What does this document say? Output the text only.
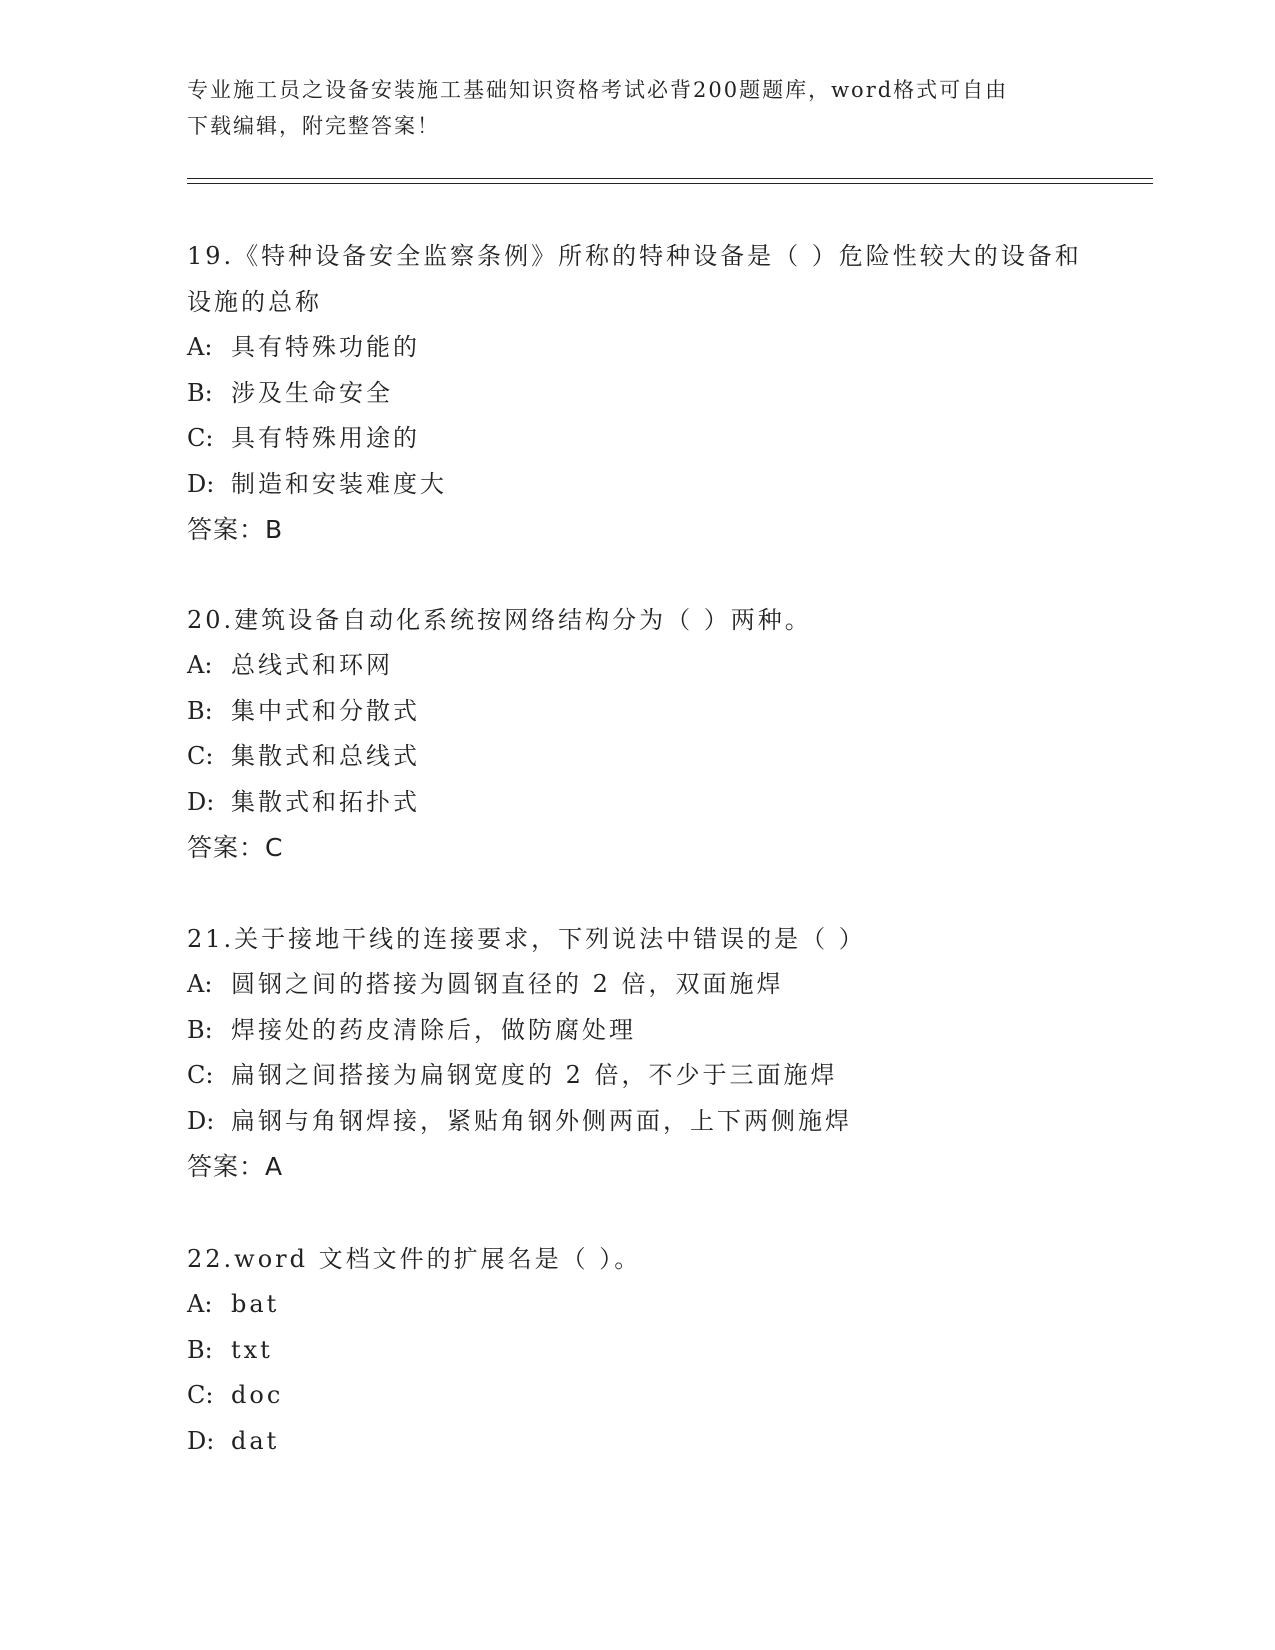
专业施工员之设备安装施工基础知识资格考试必背200题题库，word格式可自由
下载编辑，附完整答案！

19.《特种设备安全监察条例》所称的特种设备是（ ）危险性较大的设备和设施的总称

A: 具有特殊功能的

B: 涉及生命安全

C: 具有特殊用途的

D: 制造和安装难度大

答案：B

20.建筑设备自动化系统按网络结构分为（ ）两种。

A: 总线式和环网

B: 集中式和分散式

C: 集散式和总线式

D: 集散式和拓扑式

答案：C

21.关于接地干线的连接要求，下列说法中错误的是（ ）

A: 圆钢之间的搭接为圆钢直径的 2 倍，双面施焊

B: 焊接处的药皮清除后，做防腐处理

C: 扁钢之间搭接为扁钢宽度的 2 倍，不少于三面施焊

D: 扁钢与角钢焊接，紧贴角钢外侧两面，上下两侧施焊

答案：A

22.word 文档文件的扩展名是（ ）。

A: bat

B: txt

C: doc

D: dat
